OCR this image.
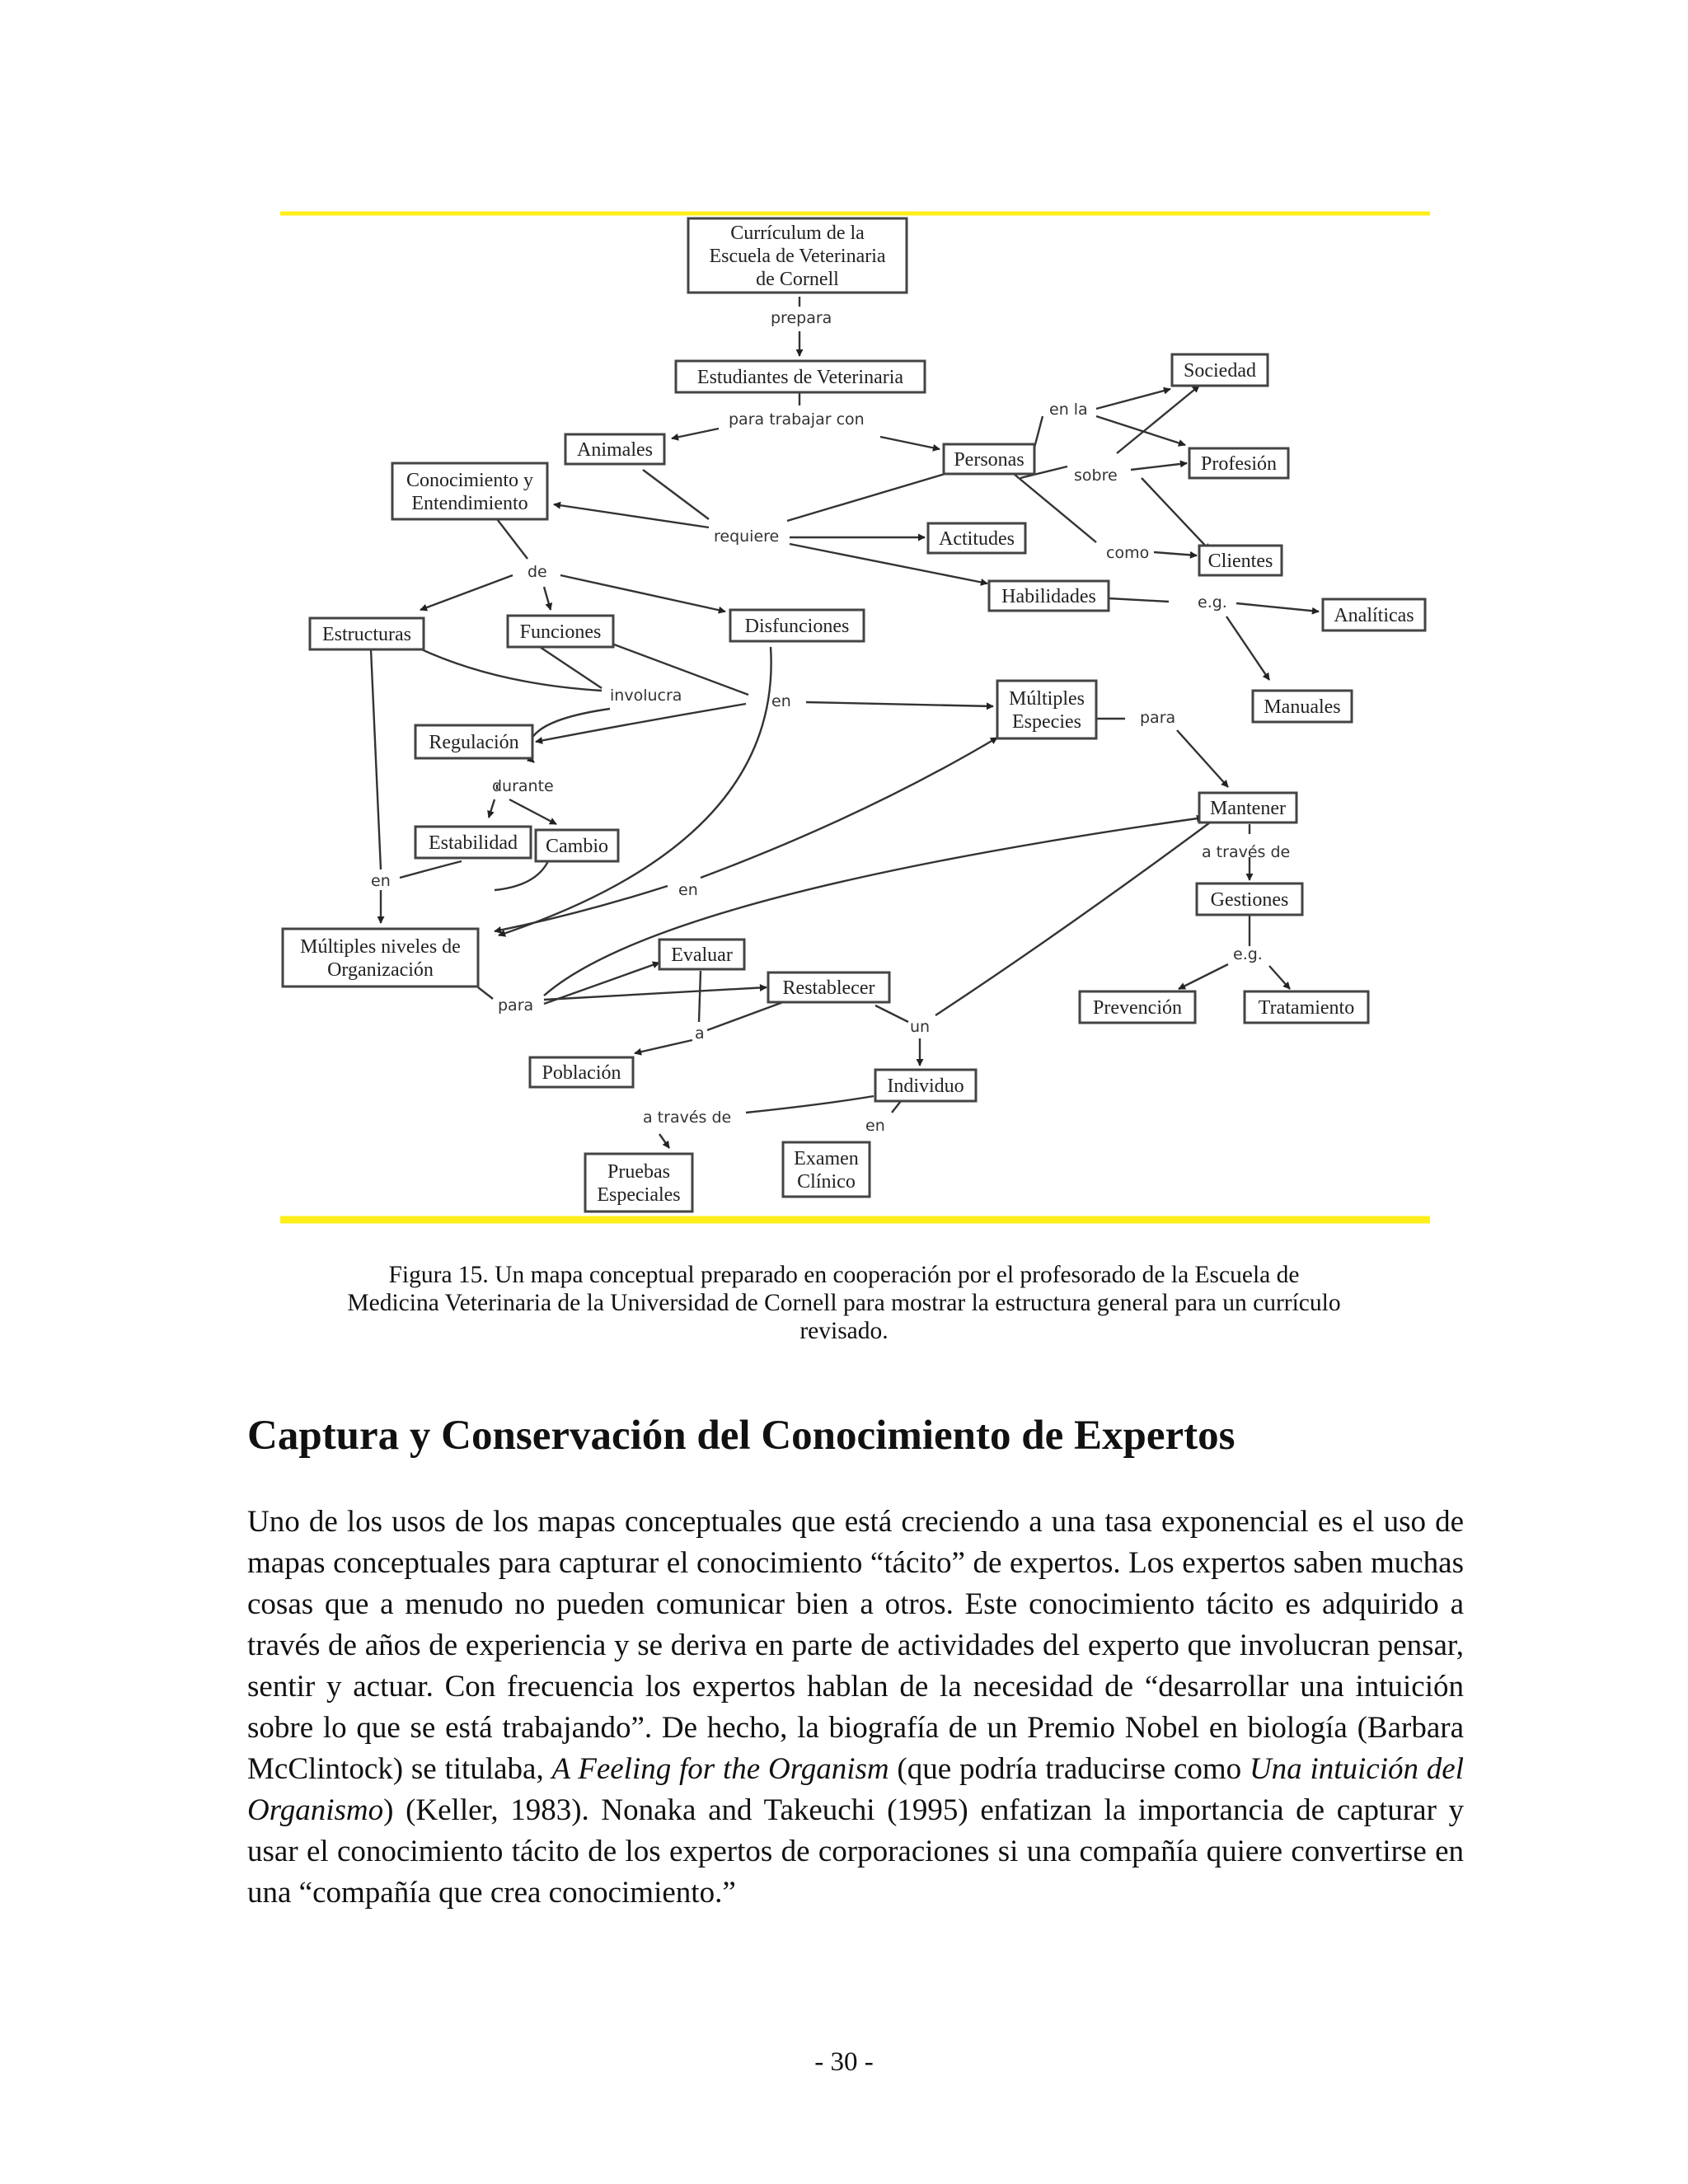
prepara
para trabajar con
en la
sobre
requiere
como
e.g.
de
involucra	en
para
durante
a través de
en	en
e.g.
para
a	un
a través de	en
Currículum de la
Escuela de Veterinaria
de Cornell
Estudiantes de Veterinaria
Animales	Personas
Sociedad
Profesión
Conocimiento y
Entendimiento
Actitudes
Clientes
Habilidades
Analíticas
Estructuras	Funciones	Disfunciones
Múltiples
Especies
Manuales
Regulación
Mantener
Estabilidad Cambio
Gestiones
Múltiples niveles de
Organización
Evaluar
Restablecer
Prevención	Tratamiento
Población
Individuo
Examen
Clínico
Pruebas
Especiales
Figura 15. Un mapa conceptual preparado en cooperación por el profesorado de la Escuela de
Medicina Veterinaria de la Universidad de Cornell para mostrar la estructura general para un currículo
revisado.
Captura y Conservación del Conocimiento de Expertos

Uno de los usos de los mapas conceptuales que está creciendo a una tasa exponencial es el uso de mapas conceptuales para capturar el conocimiento “tácito” de expertos. Los expertos saben muchas cosas que a menudo no pueden comunicar bien a otros. Este conocimiento tácito es adquirido a través de años de experiencia y se deriva en parte de actividades del experto que involucran pensar, sentir y actuar. Con frecuencia los expertos hablan de la necesidad de “desarrollar una intuición sobre lo que se está trabajando”. De hecho, la biografía de un Premio Nobel en biología (Barbara McClintock) se titulaba, A Feeling for the Organism (que podría traducirse como Una intuición del Organismo) (Keller, 1983). Nonaka and Takeuchi (1995) enfatizan la importancia de capturar y usar el conocimiento tácito de los expertos de corporaciones si una compañía quiere convertirse en una “compañía que crea conocimiento.”

- 30 -
